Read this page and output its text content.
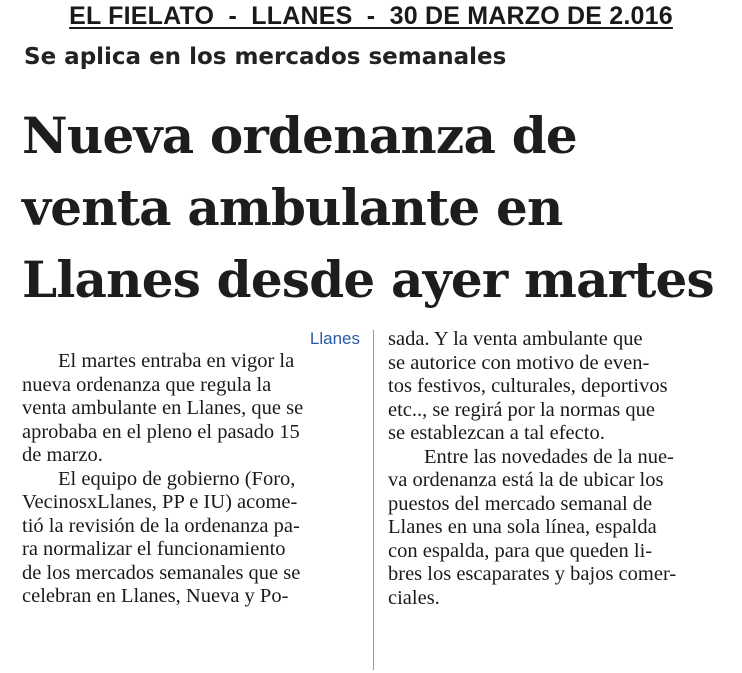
EL FIELATO  -  LLANES  -  30 DE MARZO DE 2.016
Se aplica en los mercados semanales
Nueva ordenanza de
venta ambulante en
Llanes desde ayer martes
Llanes
El martes entraba en vigor la
nueva ordenanza que regula la
venta ambulante en Llanes, que se
aprobaba en el pleno el pasado 15
de marzo.
El equipo de gobierno (Foro,
VecinosxLlanes, PP e IU) acome-
tió la revisión de la ordenanza pa-
ra normalizar el funcionamiento
de los mercados semanales que se
celebran en Llanes, Nueva y Po-
sada. Y la venta ambulante que
se autorice con motivo de even-
tos festivos, culturales, deportivos
etc.., se regirá por la normas que
se establezcan a tal efecto.
Entre las novedades de la nue-
va ordenanza está la de ubicar los
puestos del mercado semanal de
Llanes en una sola línea, espalda
con espalda, para que queden li-
bres los escaparates y bajos comer-
ciales.
